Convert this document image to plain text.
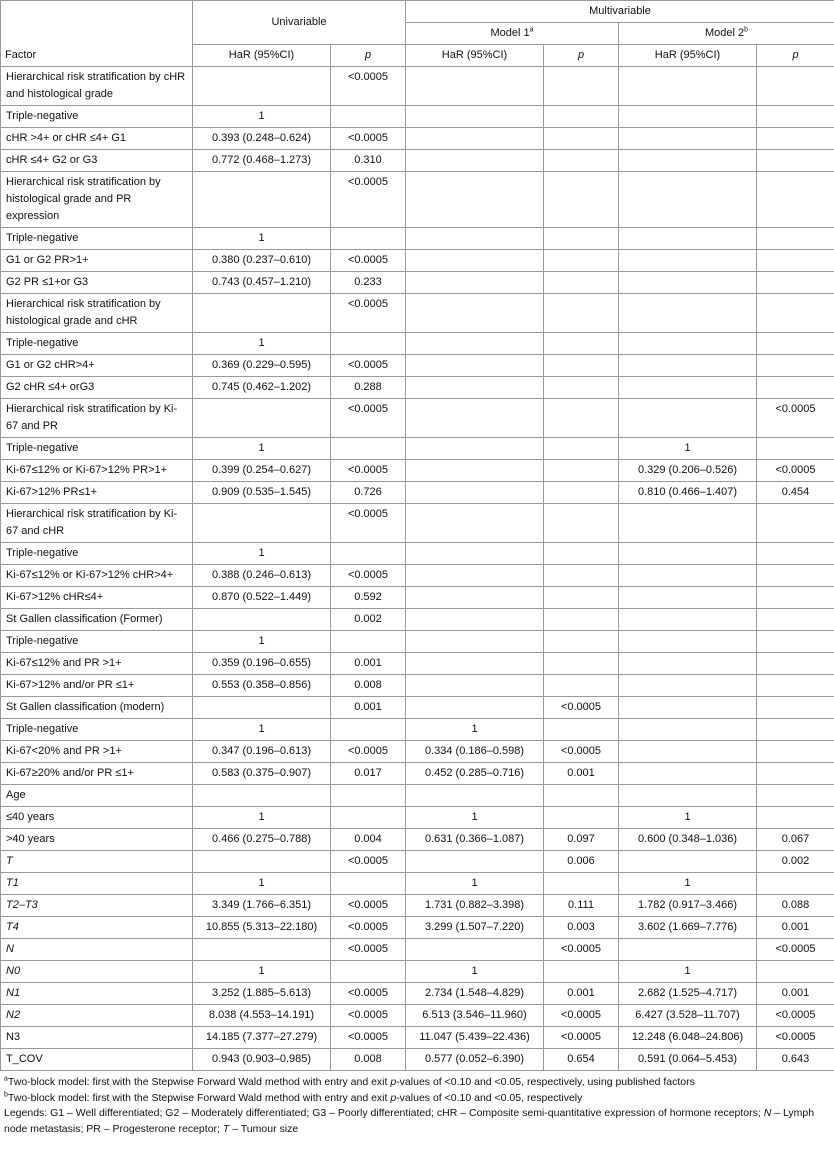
	Univariable		Multivariable			
			Model 1$^a$		Model 2$^b$
Factor	HaR (95%CI)	p	HaR (95%CI)	p	HaR (95%CI)	p
Hierarchical risk stratification by cHR and histological grade		<0.0005				
Triple-negative	1					
cHR >4+ or cHR ≤4+ G1	0.393 (0.248–0.624)	<0.0005				
cHR ≤4+ G2 or G3	0.772 (0.468–1.273)	0.310				
Hierarchical risk stratification by histological grade and PR expression		<0.0005				
Triple-negative	1					
G1 or G2 PR>1+	0.380 (0.237–0.610)	<0.0005				
G2 PR ≤1+or G3	0.743 (0.457–1.210)	0.233				
Hierarchical risk stratification by histological grade and cHR		<0.0005				
Triple-negative	1					
G1 or G2 cHR>4+	0.369 (0.229–0.595)	<0.0005				
G2 cHR ≤4+ orG3	0.745 (0.462–1.202)	0.288				
Hierarchical risk stratification by Ki-67 and PR		<0.0005				<0.0005
Triple-negative	1				1	
Ki-67≤12% or Ki-67>12% PR>1+	0.399 (0.254–0.627)	<0.0005			0.329 (0.206–0.526)	<0.0005
Ki-67>12% PR≤1+	0.909 (0.535–1.545)	0.726			0.810 (0.466–1.407)	0.454
Hierarchical risk stratification by Ki-67 and cHR		<0.0005				
Triple-negative	1					
Ki-67≤12% or Ki-67>12% cHR>4+	0.388 (0.246–0.613)	<0.0005				
Ki-67>12% cHR≤4+	0.870 (0.522–1.449)	0.592				
St Gallen classification (Former)		0.002				
Triple-negative	1					
Ki-67≤12% and PR >1+	0.359 (0.196–0.655)	0.001				
Ki-67>12% and/or PR ≤1+	0.553 (0.358–0.856)	0.008				
St Gallen classification (modern)		0.001		<0.0005		
Triple-negative	1		1			
Ki-67<20% and PR >1+	0.347 (0.196–0.613)	<0.0005	0.334 (0.186–0.598)	<0.0005		
Ki-67≥20% and/or PR ≤1+	0.583 (0.375–0.907)	0.017	0.452 (0.285–0.716)	0.001		
Age						
≤40 years	1		1		1	
>40 years	0.466 (0.275–0.788)	0.004	0.631 (0.366–1.087)	0.097	0.600 (0.348–1.036)	0.067
T		<0.0005		0.006		0.002
T1	1		1		1	
T2–T3	3.349 (1.766–6.351)	<0.0005	1.731 (0.882–3.398)	0.111	1.782 (0.917–3.466)	0.088
T4	10.855 (5.313–22.180)	<0.0005	3.299 (1.507–7.220)	0.003	3.602 (1.669–7.776)	0.001
N		<0.0005		<0.0005		<0.0005
N0	1		1		1	
N1	3.252 (1.885–5.613)	<0.0005	2.734 (1.548–4.829)	0.001	2.682 (1.525–4.717)	0.001
N2	8.038 (4.553–14.191)	<0.0005	6.513 (3.546–11.960)	<0.0005	6.427 (3.528–11.707)	<0.0005
N3	14.185 (7.377–27.279)	<0.0005	11.047 (5.439–22.436)	<0.0005	12.248 (6.048–24.806)	<0.0005
T_COV	0.943 (0.903–0.985)	0.008	0.577 (0.052–6.390)	0.654	0.591 (0.064–5.453)	0.643

$^a$Two-block model: first with the Stepwise Forward Wald method with entry and exit p-values of <0.10 and <0.05, respectively, using published factors

$^b$Two-block model: first with the Stepwise Forward Wald method with entry and exit p-values of <0.10 and <0.05, respectively

Legends: G1 – Well differentiated; G2 – Moderately differentiated; G3 – Poorly differentiated; cHR – Composite semi-quantitative expression of hormone receptors; N – Lymph node metastasis; PR – Progesterone receptor; T – Tumour size
